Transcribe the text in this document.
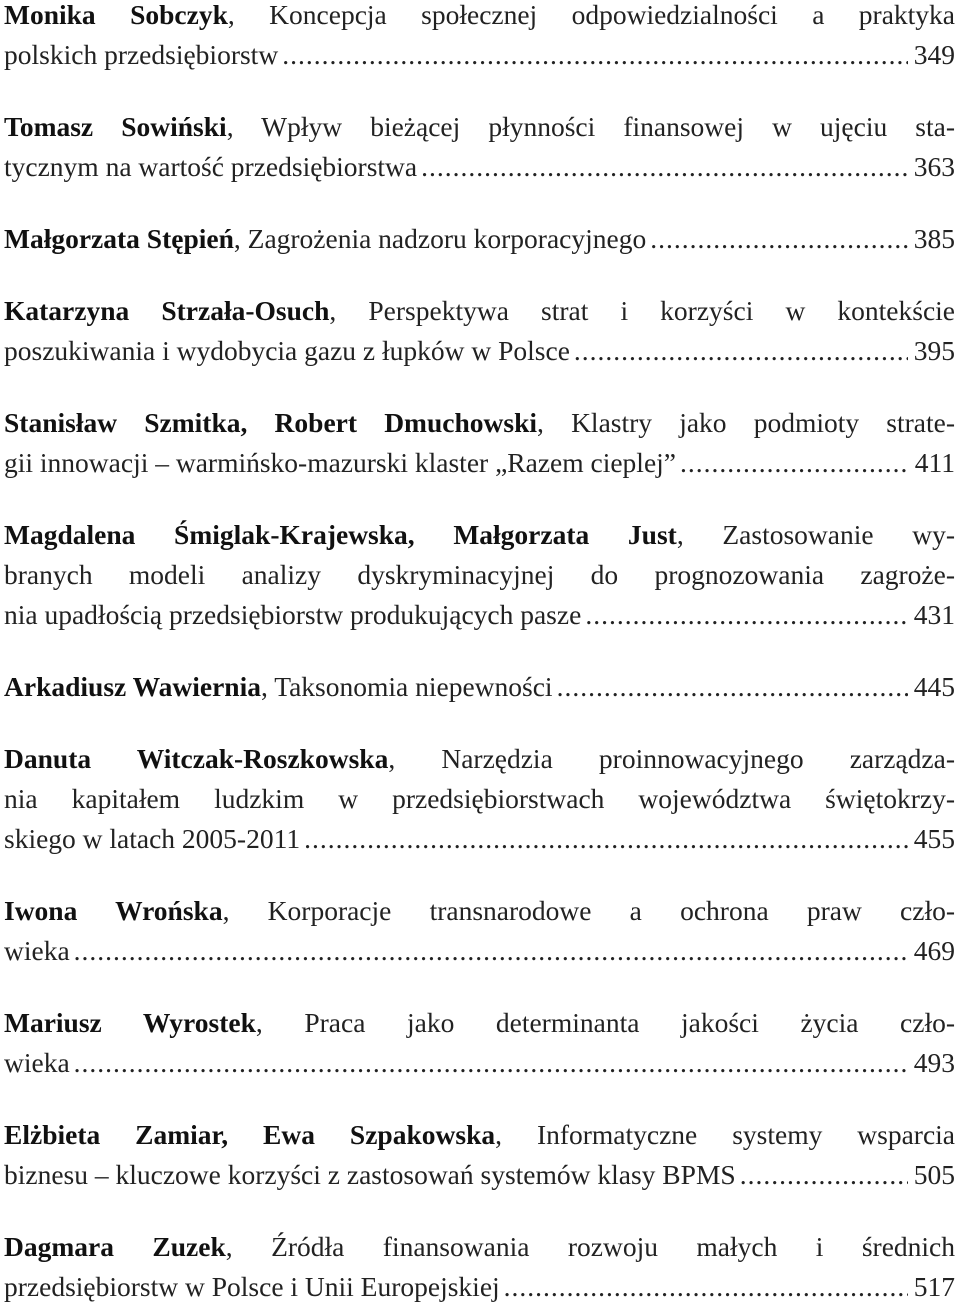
Monika Sobczyk, Koncepcja społecznej odpowiedzialności a praktyka
polskich przedsiębiorstw .....	349
Tomasz Sowiński, Wpływ bieżącej płynności finansowej w ujęciu sta-
tycznym na wartość przedsiębiorstwa .....	363
Małgorzata Stępień, Zagrożenia nadzoru korporacyjnego .....	385
Katarzyna Strzała-Osuch, Perspektywa strat i korzyści w kontekście
poszukiwania i wydobycia gazu z łupków w Polsce .....	395
Stanisław Szmitka, Robert Dmuchowski, Klastry jako podmioty strate-
gii innowacji – warmińsko-mazurski klaster „Razem cieplej” .....	411
Magdalena Śmiglak-Krajewska, Małgorzata Just, Zastosowanie wy-
branych modeli analizy dyskryminacyjnej do prognozowania zagroże-
nia upadłością przedsiębiorstw produkujących pasze .....	431
Arkadiusz Wawiernia, Taksonomia niepewności .....	445
Danuta Witczak-Roszkowska, Narzędzia proinnowacyjnego zarządza-
nia kapitałem ludzkim w przedsiębiorstwach województwa świętokrzy-
skiego w latach 2005-2011 .....	455
Iwona Wrońska, Korporacje transnarodowe a ochrona praw czło-
wieka .....	469
Mariusz Wyrostek, Praca jako determinanta jakości życia czło-
wieka .....	493
Elżbieta Zamiar, Ewa Szpakowska, Informatyczne systemy wsparcia
biznesu – kluczowe korzyści z zastosowań systemów klasy BPMS .....	505
Dagmara Zuzek, Źródła finansowania rozwoju małych i średnich
przedsiębiorstw w Polsce i Unii Europejskiej .....	517
